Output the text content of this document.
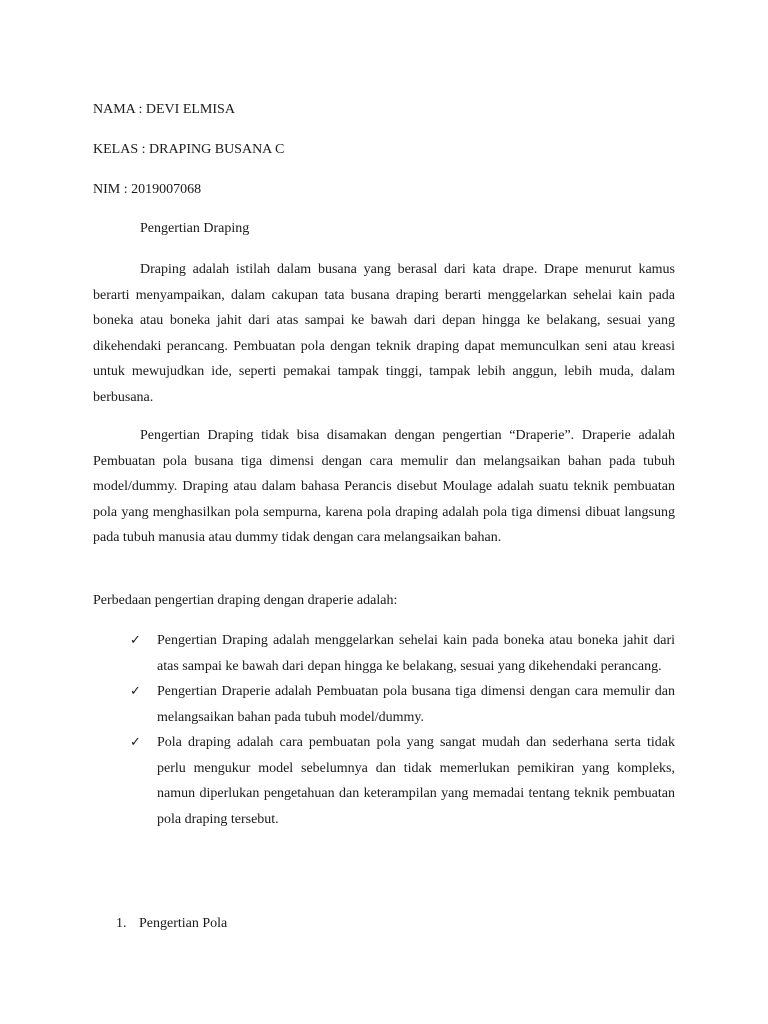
NAMA : DEVI ELMISA
KELAS : DRAPING BUSANA C
NIM : 2019007068
Pengertian Draping
Draping adalah istilah dalam busana yang berasal dari kata drape. Drape menurut kamus berarti menyampaikan, dalam cakupan tata busana draping berarti menggelarkan sehelai kain pada boneka atau boneka jahit dari atas sampai ke bawah dari depan hingga ke belakang, sesuai yang dikehendaki perancang. Pembuatan pola dengan teknik draping dapat memunculkan seni atau kreasi untuk mewujudkan ide, seperti pemakai tampak tinggi, tampak lebih anggun, lebih muda, dalam berbusana.
Pengertian Draping tidak bisa disamakan dengan pengertian “Draperie”. Draperie adalah Pembuatan pola busana tiga dimensi dengan cara memulir dan melangsaikan bahan pada tubuh model/dummy. Draping atau dalam bahasa Perancis disebut Moulage adalah suatu teknik pembuatan pola yang menghasilkan pola sempurna, karena pola draping adalah pola tiga dimensi dibuat langsung pada tubuh manusia atau dummy tidak dengan cara melangsaikan bahan.
Perbedaan pengertian draping dengan draperie adalah:
✓ Pengertian Draping adalah menggelarkan sehelai kain pada boneka atau boneka jahit dari atas sampai ke bawah dari depan hingga ke belakang, sesuai yang dikehendaki perancang.
✓ Pengertian Draperie adalah Pembuatan pola busana tiga dimensi dengan cara memulir dan melangsaikan bahan pada tubuh model/dummy.
✓ Pola draping adalah cara pembuatan pola yang sangat mudah dan sederhana serta tidak perlu mengukur model sebelumnya dan tidak memerlukan pemikiran yang kompleks, namun diperlukan pengetahuan dan keterampilan yang memadai tentang teknik pembuatan pola draping tersebut.
1. Pengertian Pola
